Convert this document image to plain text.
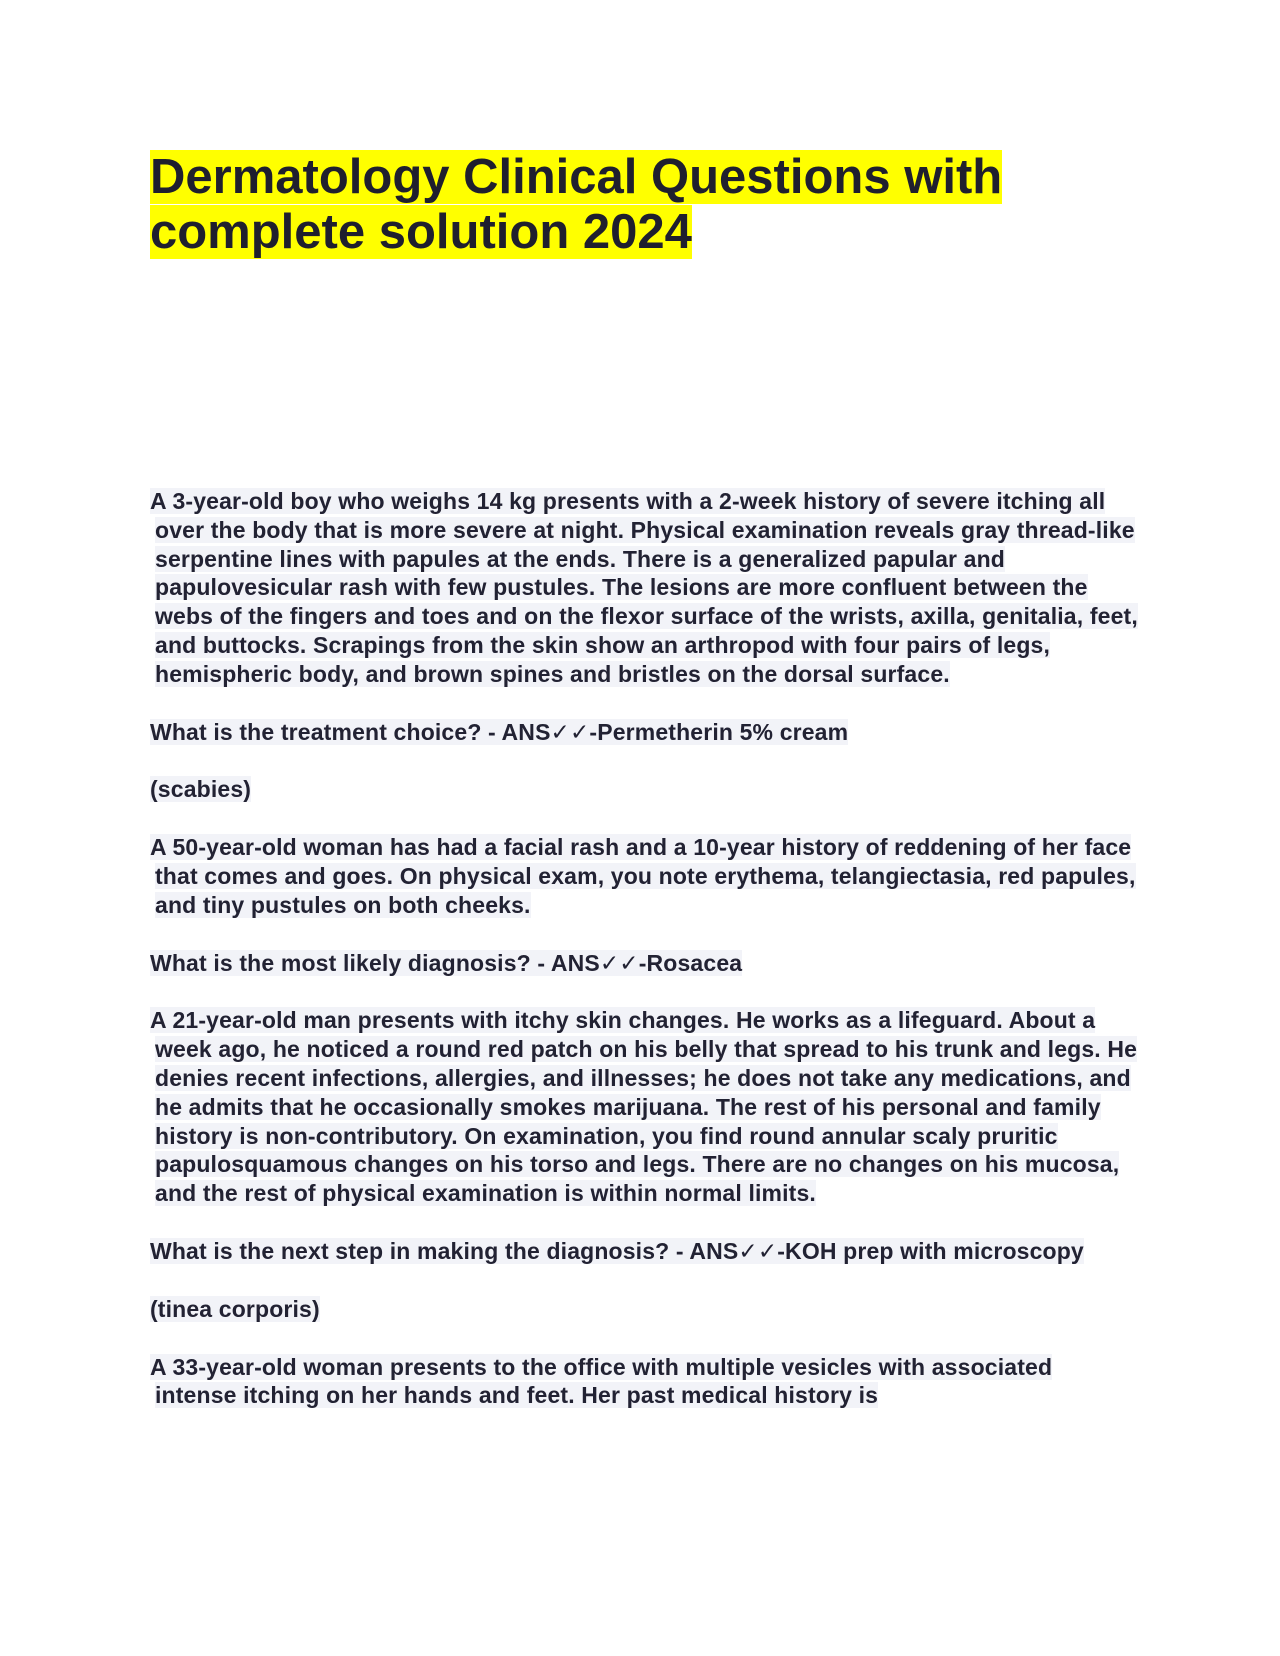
Dermatology Clinical Questions with
complete solution 2024

A 3-year-old boy who weighs 14 kg presents with a 2-week history of severe itching all over the body that is more severe at night. Physical examination reveals gray thread-like serpentine lines with papules at the ends. There is a generalized papular and papulovesicular rash with few pustules. The lesions are more confluent between the webs of the fingers and toes and on the flexor surface of the wrists, axilla, genitalia, feet, and buttocks. Scrapings from the skin show an arthropod with four pairs of legs, hemispheric body, and brown spines and bristles on the dorsal surface.

What is the treatment choice? - ANS✓✓-Permetherin 5% cream

(scabies)

A 50-year-old woman has had a facial rash and a 10-year history of reddening of her face that comes and goes. On physical exam, you note erythema, telangiectasia, red papules, and tiny pustules on both cheeks.

What is the most likely diagnosis? - ANS✓✓-Rosacea

A 21-year-old man presents with itchy skin changes. He works as a lifeguard. About a week ago, he noticed a round red patch on his belly that spread to his trunk and legs. He denies recent infections, allergies, and illnesses; he does not take any medications, and he admits that he occasionally smokes marijuana. The rest of his personal and family history is non-contributory. On examination, you find round annular scaly pruritic papulosquamous changes on his torso and legs. There are no changes on his mucosa, and the rest of physical examination is within normal limits.

What is the next step in making the diagnosis? - ANS✓✓-KOH prep with microscopy

(tinea corporis)

A 33-year-old woman presents to the office with multiple vesicles with associated intense itching on her hands and feet. Her past medical history is
